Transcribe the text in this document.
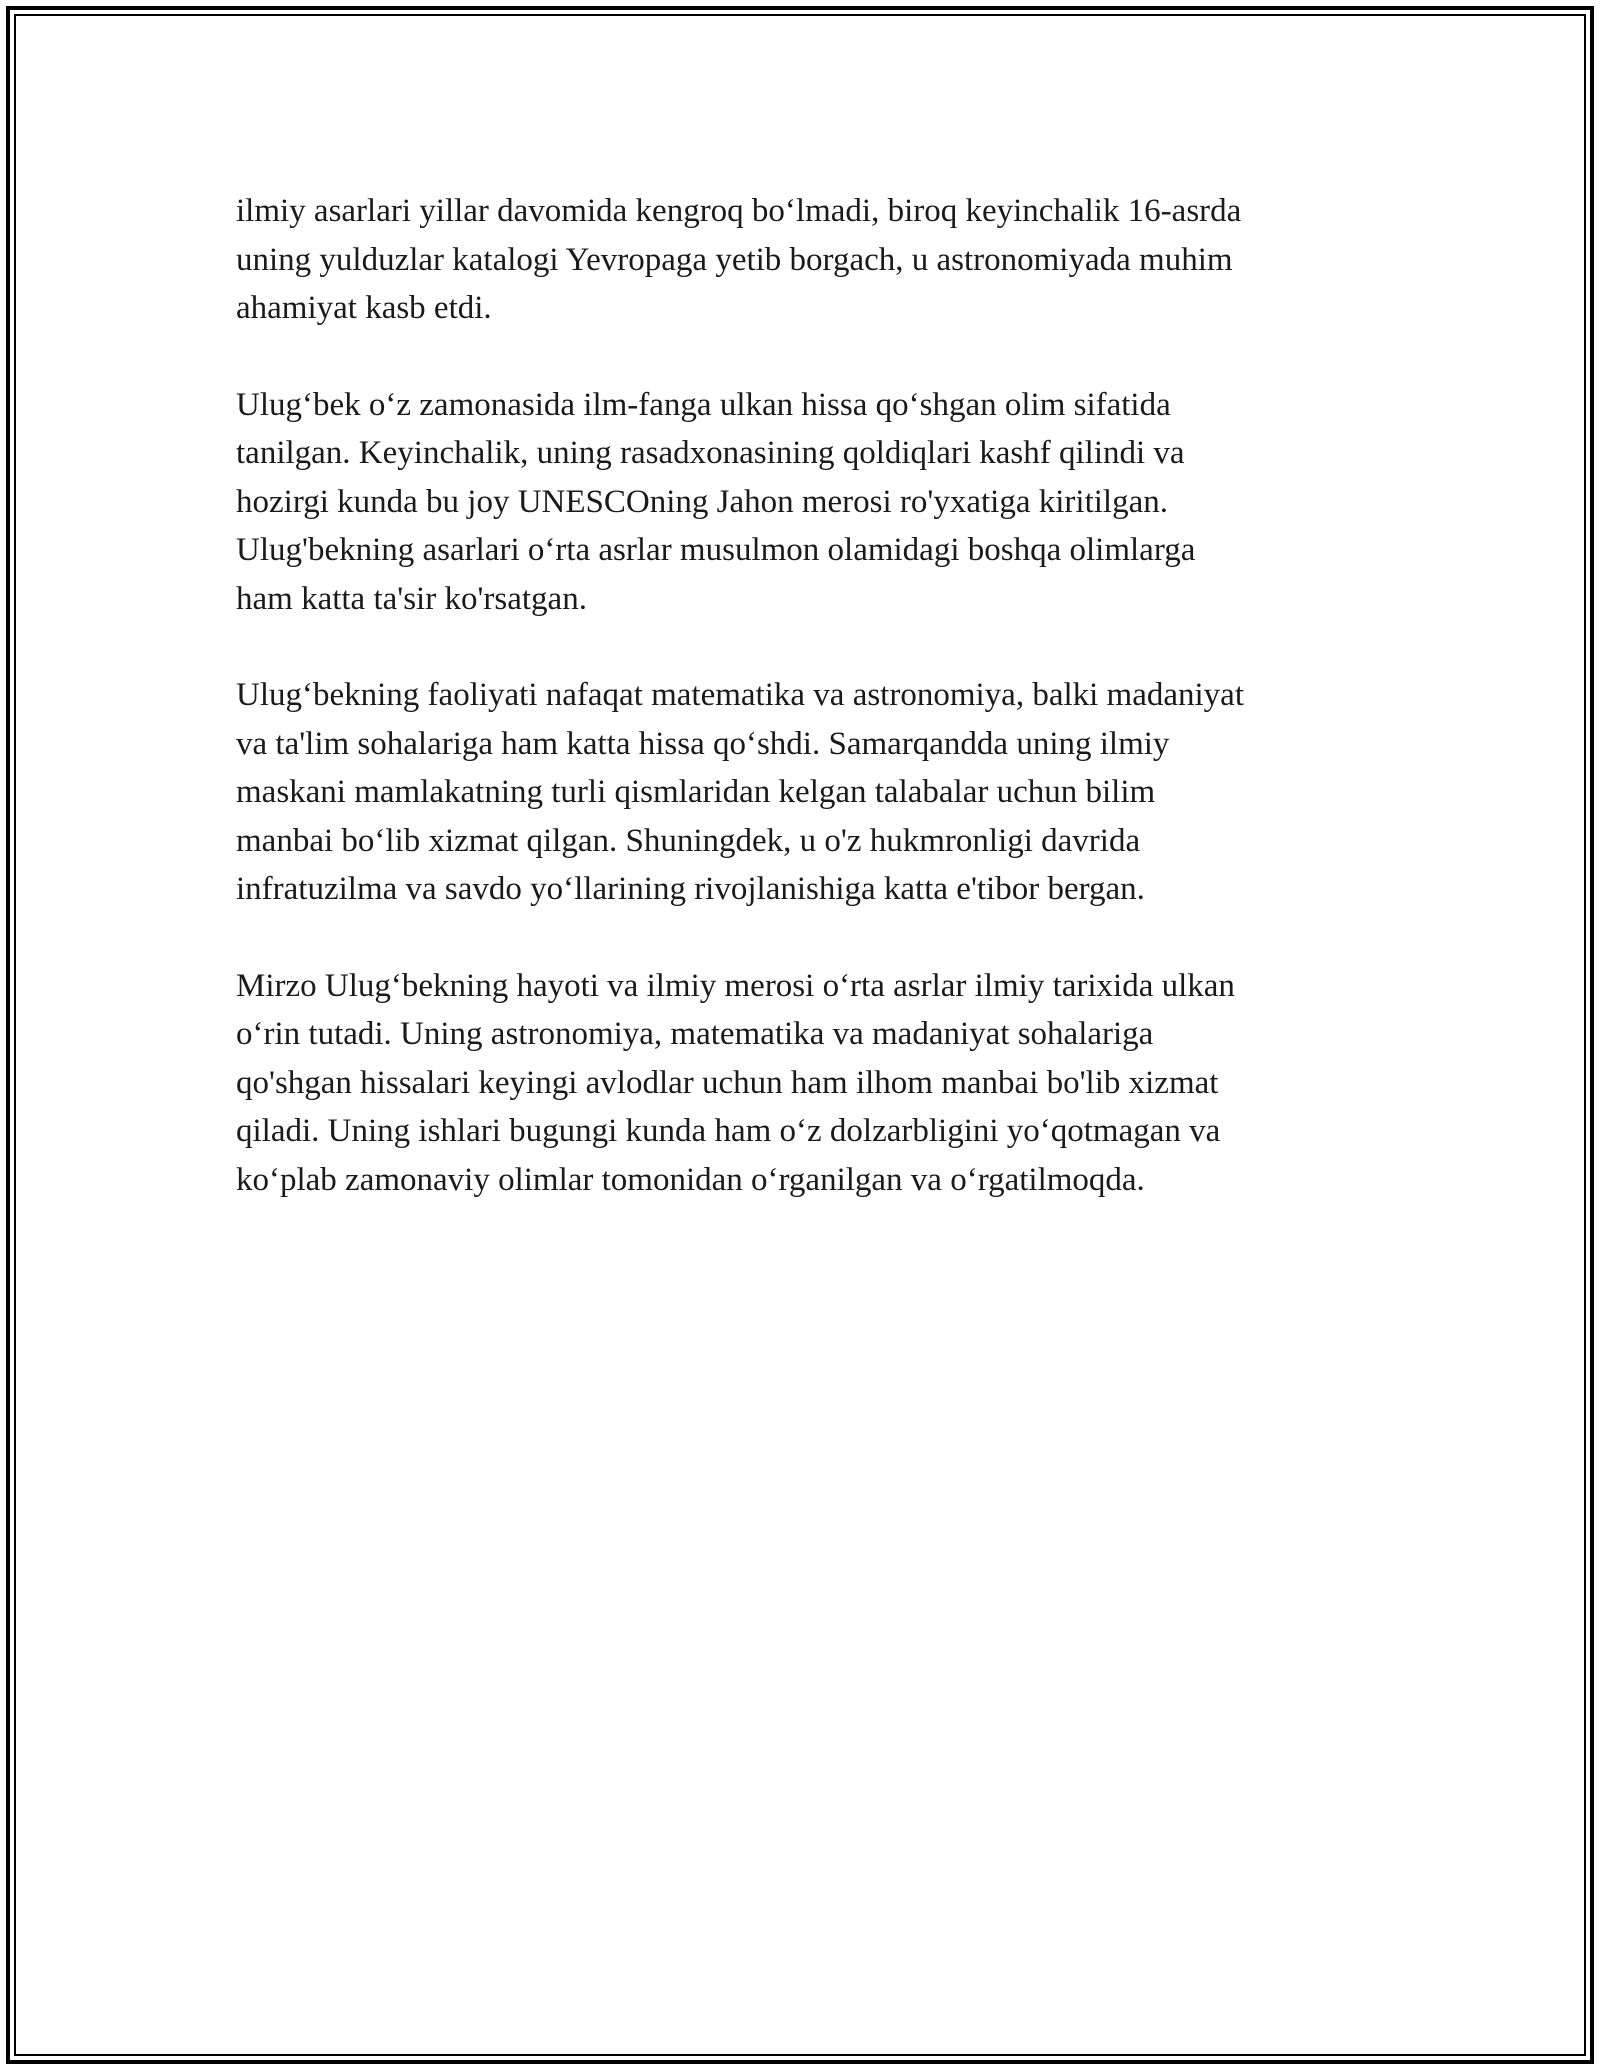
ilmiy asarlari yillar davomida kengroq bo‘lmadi, biroq keyinchalik 16-asrda
uning yulduzlar katalogi Yevropaga yetib borgach, u astronomiyada muhim
ahamiyat kasb etdi.

Ulug‘bek o‘z zamonasida ilm-fanga ulkan hissa qo‘shgan olim sifatida
tanilgan. Keyinchalik, uning rasadxonasining qoldiqlari kashf qilindi va
hozirgi kunda bu joy UNESCOning Jahon merosi ro'yxatiga kiritilgan.
Ulug'bekning asarlari o‘rta asrlar musulmon olamidagi boshqa olimlarga
ham katta ta'sir ko'rsatgan.

Ulug‘bekning faoliyati nafaqat matematika va astronomiya, balki madaniyat
va ta'lim sohalariga ham katta hissa qo‘shdi. Samarqandda uning ilmiy
maskani mamlakatning turli qismlaridan kelgan talabalar uchun bilim
manbai bo‘lib xizmat qilgan. Shuningdek, u o'z hukmronligi davrida
infratuzilma va savdo yo‘llarining rivojlanishiga katta e'tibor bergan.

Mirzo Ulug‘bekning hayoti va ilmiy merosi o‘rta asrlar ilmiy tarixida ulkan
o‘rin tutadi. Uning astronomiya, matematika va madaniyat sohalariga
qo'shgan hissalari keyingi avlodlar uchun ham ilhom manbai bo'lib xizmat
qiladi. Uning ishlari bugungi kunda ham o‘z dolzarbligini yo‘qotmagan va
ko‘plab zamonaviy olimlar tomonidan o‘rganilgan va o‘rgatilmoqda.
